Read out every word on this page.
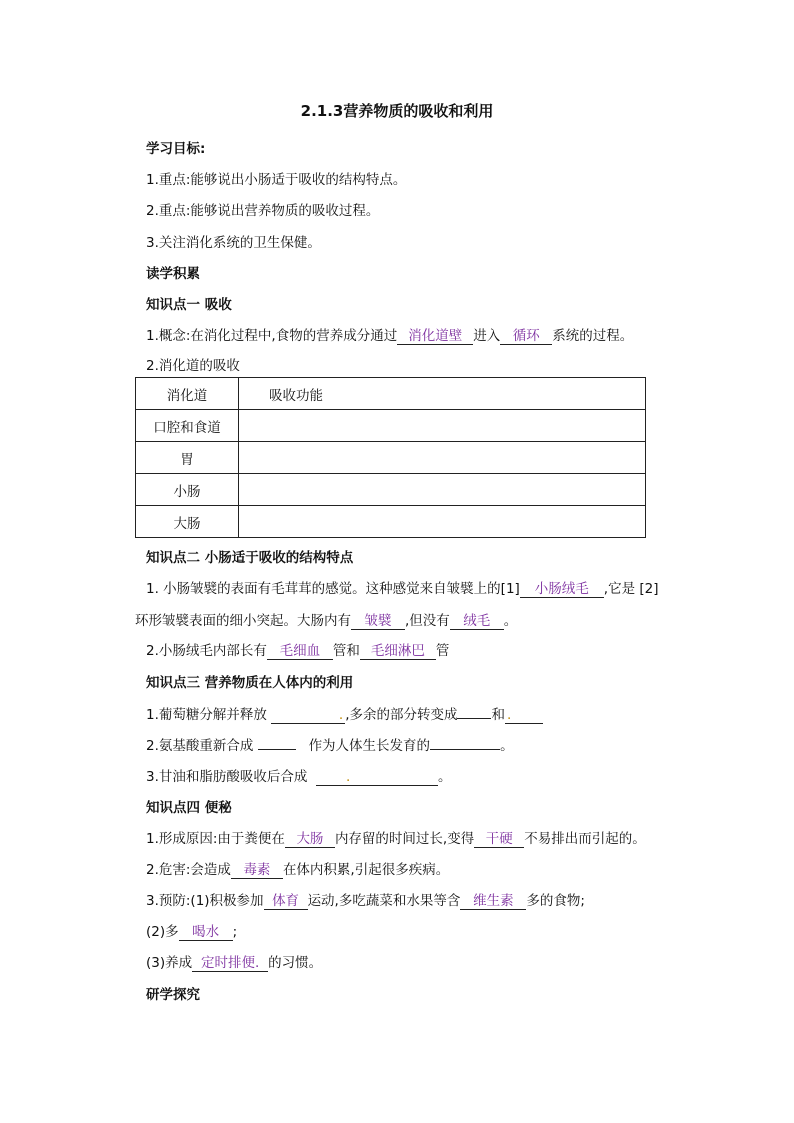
2.1.3营养物质的吸收和利用
学习目标:
1.重点:能够说出小肠适于吸收的结构特点。
2.重点:能够说出营养物质的吸收过程。
3.关注消化系统的卫生保健。
读学积累
知识点一 吸收
1.概念:在消化过程中,食物的营养成分通过 消化道壁 进入 循环 系统的过程。
2.消化道的吸收
消化道	吸收功能
口腔和食道	
胃	
小肠	
大肠	
知识点二 小肠适于吸收的结构特点
1. 小肠皱襞的表面有毛茸茸的感觉。这种感觉来自皱襞上的[1] 小肠绒毛 ,它是 [2]
环形皱襞表面的细小突起。大肠内有 皱襞 ,但没有 绒毛 。
2.小肠绒毛内部长有 毛细血 管和 毛细淋巴 管
知识点三 营养物质在人体内的利用
1.葡萄糖分解并释放	. ,多余的部分转变成	和 .
2.氨基酸重新合成	作为人体生长发育的	。
3.甘油和脂肪酸吸收后合成	.	。
知识点四 便秘
1.形成原因:由于粪便在 大肠 内存留的时间过长,变得 干硬 不易排出而引起的。
2.危害:会造成 毒素 在体内积累,引起很多疾病。
3.预防:(1)积极参加 体育 运动,多吃蔬菜和水果等含 维生素 多的食物;
(2)多 喝水 ;
(3)养成 定时排便. 的习惯。
研学探究
